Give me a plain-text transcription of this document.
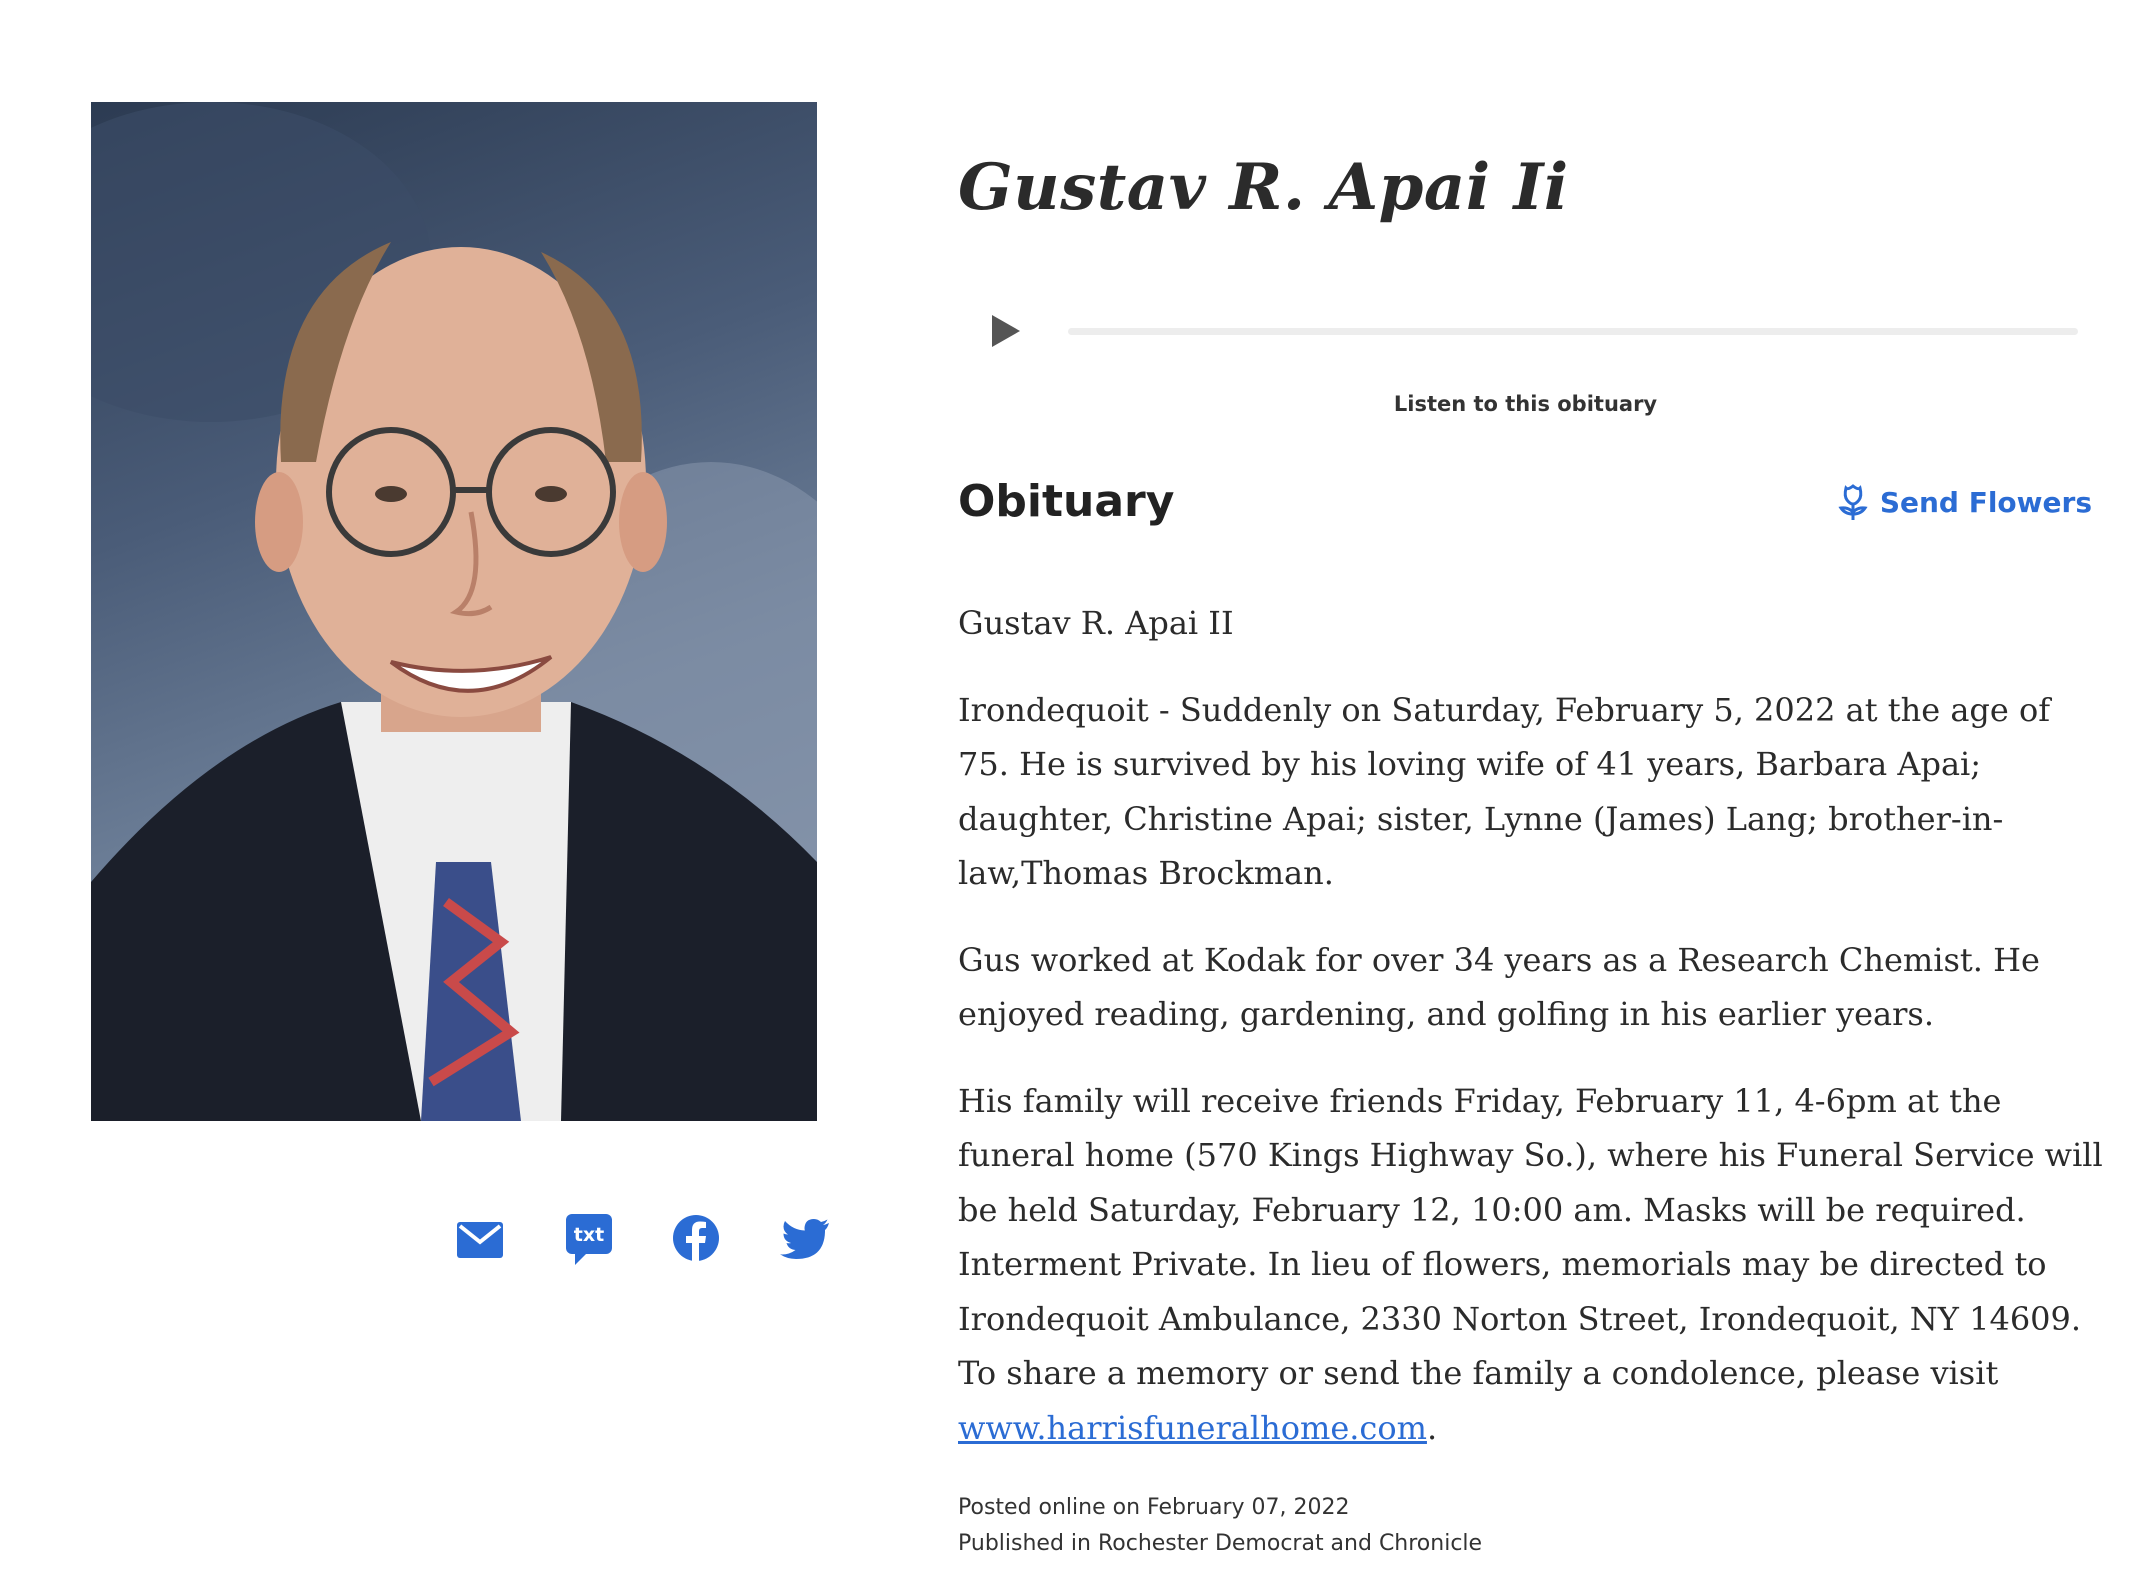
txt
Gustav R. Apai Ii
Listen to this obituary
Obituary	Send Flowers

Gustav R. Apai II

Irondequoit - Suddenly on Saturday, February 5, 2022 at the age of 75. He is survived by his loving wife of 41 years, Barbara Apai; daughter, Christine Apai; sister, Lynne (James) Lang; brother-in-law,Thomas Brockman.

Gus worked at Kodak for over 34 years as a Research Chemist. He enjoyed reading, gardening, and golfing in his earlier years.

His family will receive friends Friday, February 11, 4-6pm at the funeral home (570 Kings Highway So.), where his Funeral Service will be held Saturday, February 12, 10:00 am. Masks will be required. Interment Private. In lieu of flowers, memorials may be directed to Irondequoit Ambulance, 2330 Norton Street, Irondequoit, NY 14609. To share a memory or send the family a condolence, please visit www.harrisfuneralhome.com.

Posted online on February 07, 2022
Published in Rochester Democrat and Chronicle
